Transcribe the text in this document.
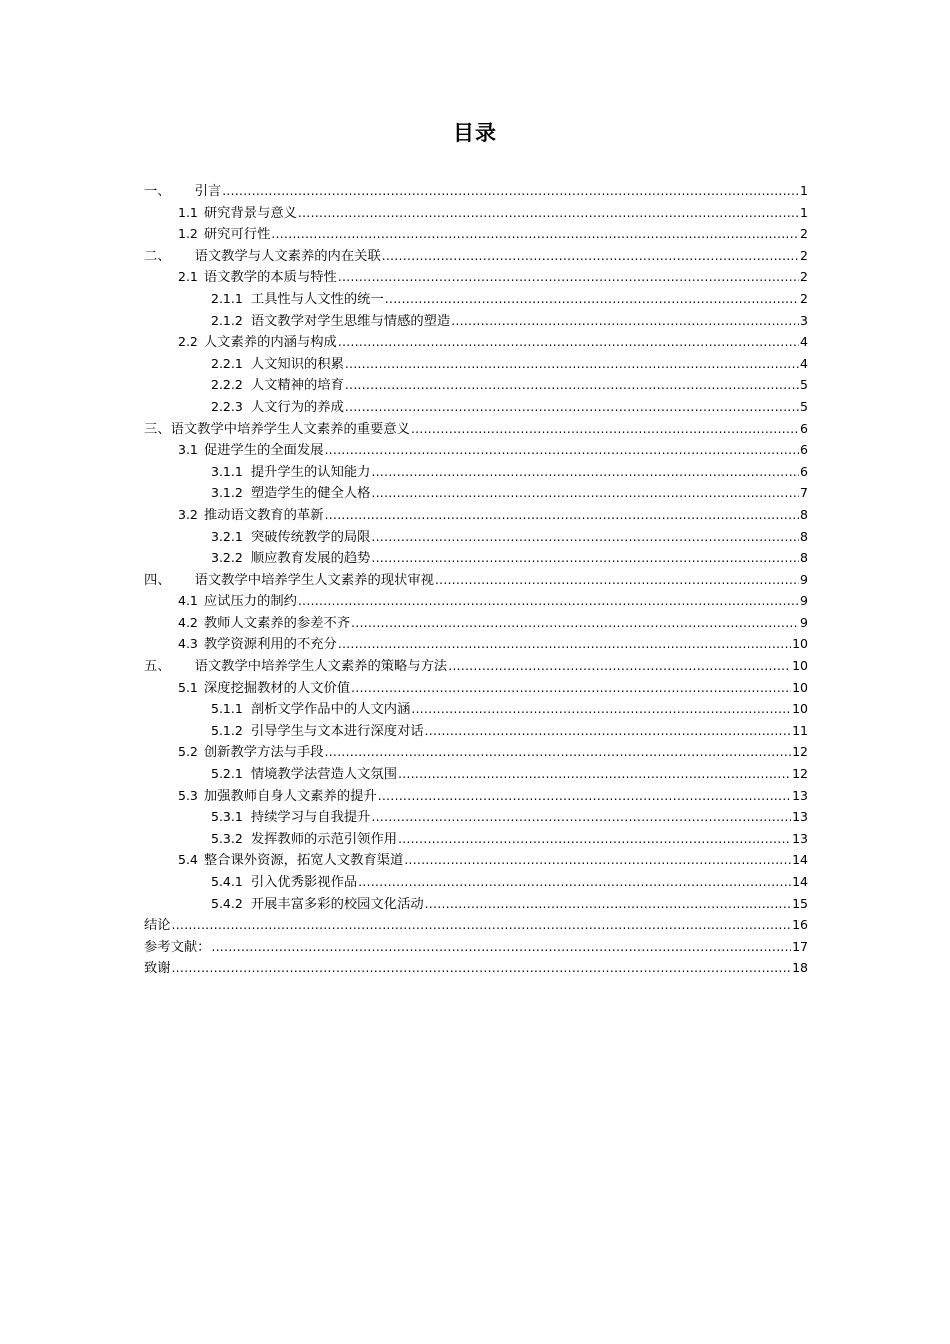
目录
一、 引言 .....	1
1.1 研究背景与意义 .....	1
1.2 研究可行性 .....	2
二、 语文教学与人文素养的内在关联 .....	2
2.1 语文教学的本质与特性 .....	2
2.1.1 工具性与人文性的统一 .....	2
2.1.2 语文教学对学生思维与情感的塑造 .....	3
2.2 人文素养的内涵与构成 .....	4
2.2.1 人文知识的积累 .....	4
2.2.2 人文精神的培育 .....	5
2.2.3 人文行为的养成 .....	5
三、语文教学中培养学生人文素养的重要意义 .....	6
3.1 促进学生的全面发展 .....	6
3.1.1 提升学生的认知能力 .....	6
3.1.2 塑造学生的健全人格 .....	7
3.2 推动语文教育的革新 .....	8
3.2.1 突破传统教学的局限 .....	8
3.2.2 顺应教育发展的趋势 .....	8
四、 语文教学中培养学生人文素养的现状审视 .....	9
4.1 应试压力的制约 .....	9
4.2 教师人文素养的参差不齐 .....	9
4.3 教学资源利用的不充分 .....	10
五、 语文教学中培养学生人文素养的策略与方法 .....	10
5.1 深度挖掘教材的人文价值 .....	10
5.1.1 剖析文学作品中的人文内涵 .....	10
5.1.2 引导学生与文本进行深度对话 .....	11
5.2 创新教学方法与手段 .....	12
5.2.1 情境教学法营造人文氛围 .....	12
5.3 加强教师自身人文素养的提升 .....	13
5.3.1 持续学习与自我提升 .....	13
5.3.2 发挥教师的示范引领作用 .....	13
5.4 整合课外资源，拓宽人文教育渠道 .....	14
5.4.1 引入优秀影视作品 .....	14
5.4.2 开展丰富多彩的校园文化活动 .....	15
结论 .....	16
参考文献： .....	17
致谢 .....	18
